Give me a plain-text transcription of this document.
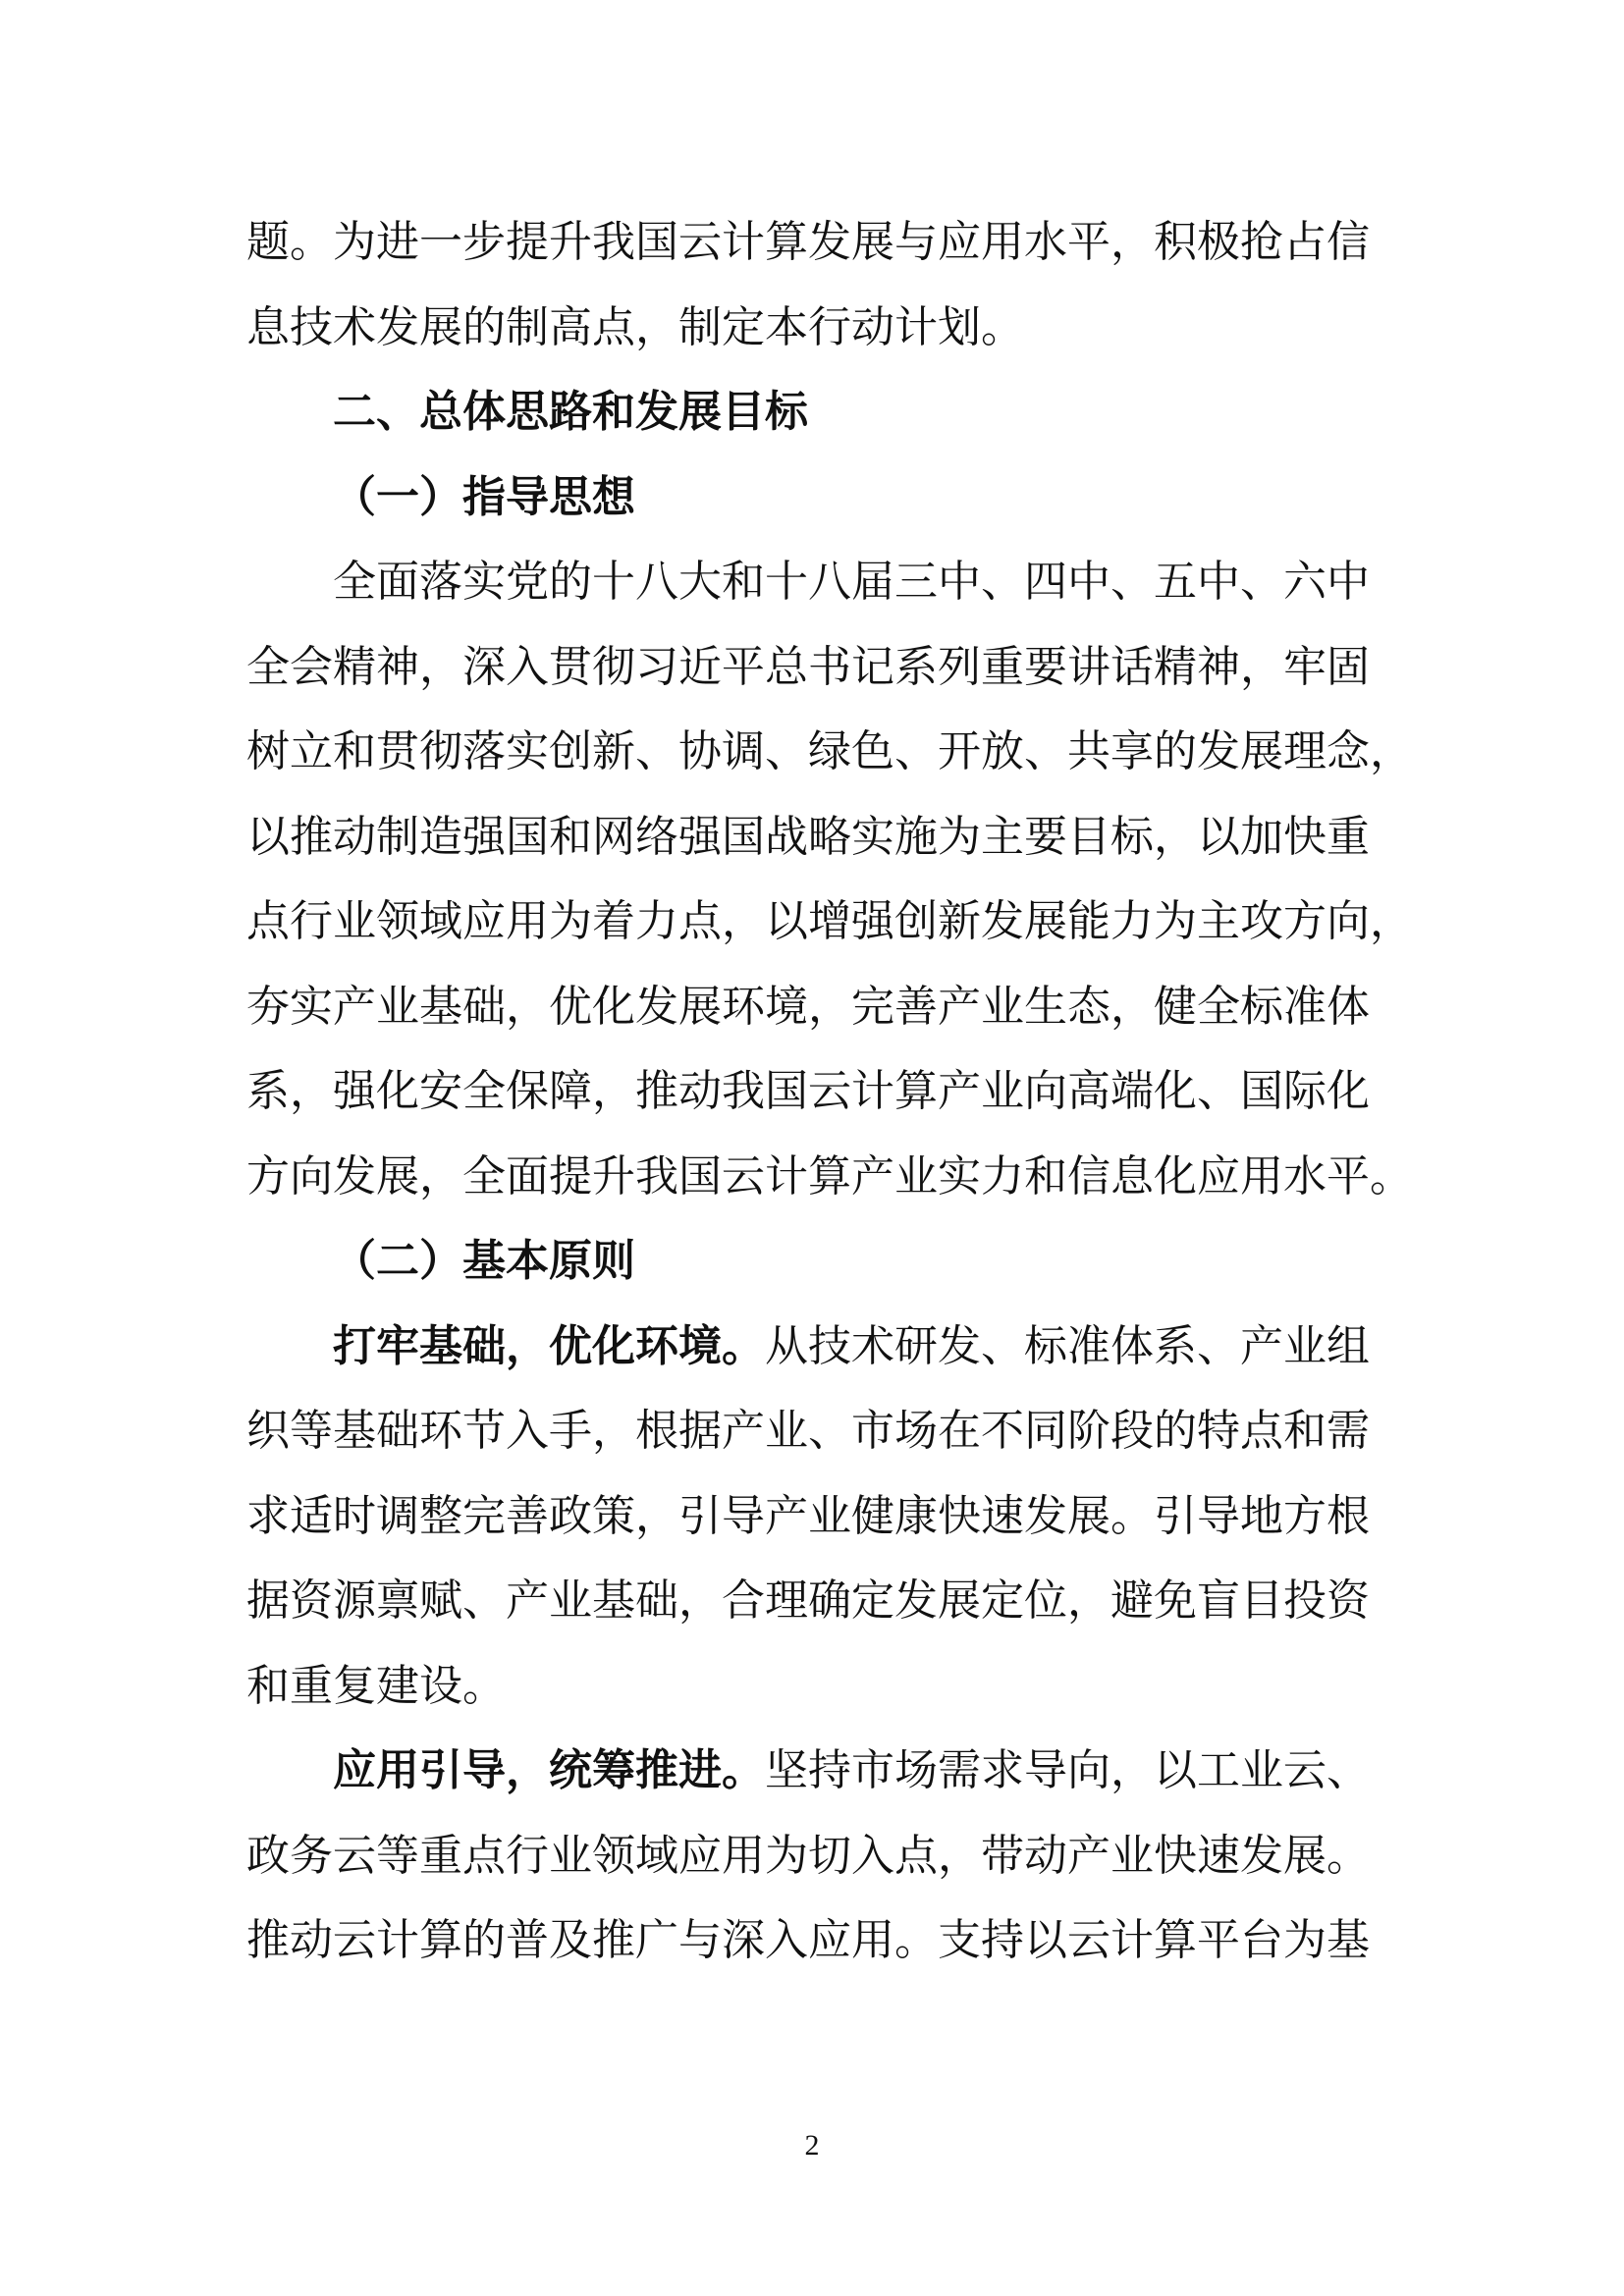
题。为进一步提升我国云计算发展与应用水平，积极抢占信
息技术发展的制高点，制定本行动计划。
二、总体思路和发展目标
（一）指导思想
全面落实党的十八大和十八届三中、四中、五中、六中
全会精神，深入贯彻习近平总书记系列重要讲话精神，牢固
树立和贯彻落实创新、协调、绿色、开放、共享的发展理念，
以推动制造强国和网络强国战略实施为主要目标，以加快重
点行业领域应用为着力点，以增强创新发展能力为主攻方向，
夯实产业基础，优化发展环境，完善产业生态，健全标准体
系，强化安全保障，推动我国云计算产业向高端化、国际化
方向发展，全面提升我国云计算产业实力和信息化应用水平。
（二）基本原则
打牢基础，优化环境。从技术研发、标准体系、产业组
织等基础环节入手，根据产业、市场在不同阶段的特点和需
求适时调整完善政策，引导产业健康快速发展。引导地方根
据资源禀赋、产业基础，合理确定发展定位，避免盲目投资
和重复建设。
应用引导，统筹推进。坚持市场需求导向，以工业云、
政务云等重点行业领域应用为切入点，带动产业快速发展。
推动云计算的普及推广与深入应用。支持以云计算平台为基
2
